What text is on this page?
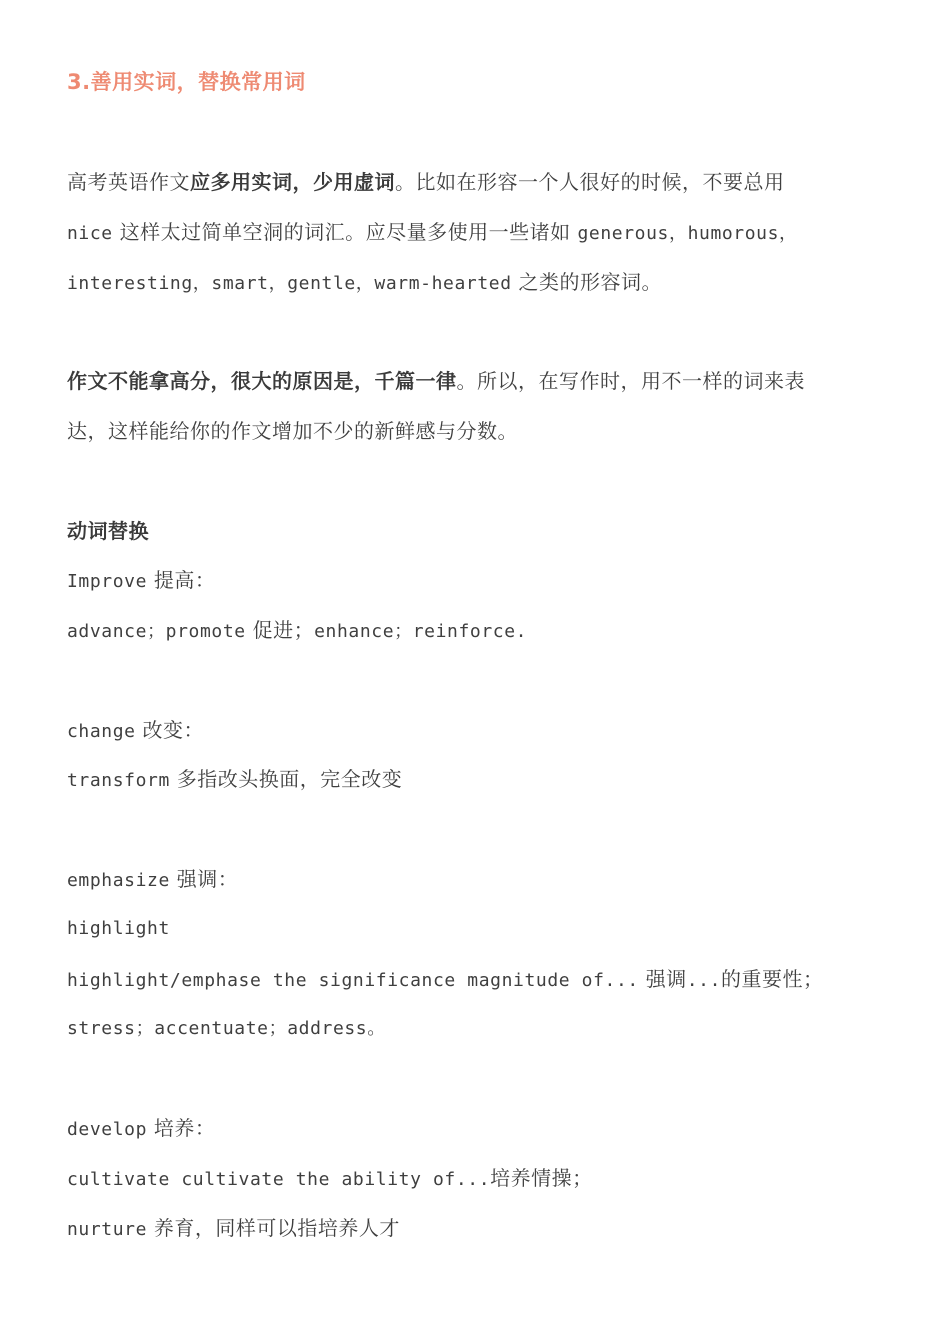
3.善用实词，替换常用词
高考英语作文应多用实词，少用虚词。比如在形容一个人很好的时候，不要总用
nice 这样太过简单空洞的词汇。应尽量多使用一些诸如 generous，humorous，
interesting，smart，gentle，warm-hearted 之类的形容词。
作文不能拿高分，很大的原因是，千篇一律。所以，在写作时，用不一样的词来表
达，这样能给你的作文增加不少的新鲜感与分数。
动词替换
Improve 提高：
advance；promote 促进；enhance；reinforce.
change 改变：
transform 多指改头换面，完全改变
emphasize 强调：
highlight
highlight/emphase the significance magnitude of... 强调...的重要性；
stress；accentuate；address。
develop 培养：
cultivate cultivate the ability of...培养情操；
nurture 养育，同样可以指培养人才
